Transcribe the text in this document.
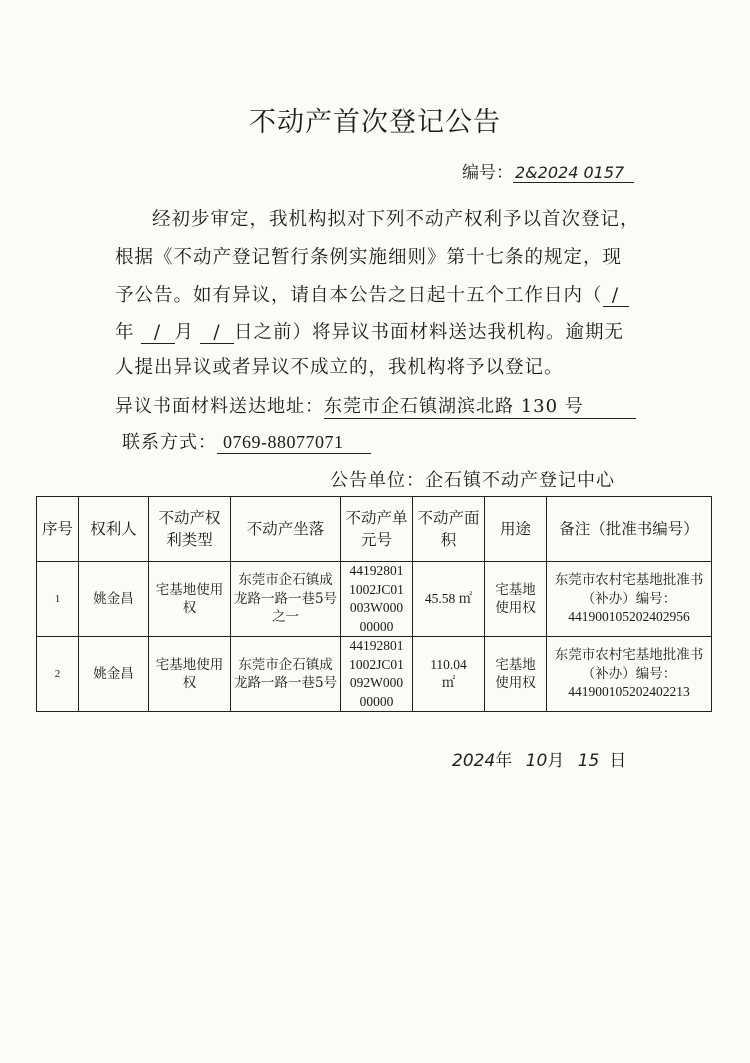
不动产首次登记公告
编号： 2&2024 0157
经初步审定，我机构拟对下列不动产权利予以首次登记，
根据《不动产登记暂行条例实施细则》第十七条的规定，现
予公告。如有异议，请自本公告之日起十五个工作日内（ /
年 / 月 / 日之前）将异议书面材料送达我机构。逾期无
人提出异议或者异议不成立的，我机构将予以登记。
异议书面材料送达地址：东莞市企石镇湖滨北路 130 号
联系方式： 0769-88077071
公告单位：企石镇不动产登记中心
序号	权利人	不动产权利类型	不动产坐落	不动产单元号	不动产面积	用途	备注（批准书编号）
1	姚金昌	宅基地使用权	东莞市企石镇成龙路一路一巷5号之一	441928011002JC01003W00000000	45.58 ㎡	宅基地使用权	东莞市农村宅基地批准书（补办）编号：
441900105202402956

2	姚金昌	宅基地使用权	东莞市企石镇成龙路一路一巷5号	441928011002JC01092W00000000	110.04 ㎡	宅基地使用权	东莞市农村宅基地批准书（补办）编号：
441900105202402213
2024年 10月 15 日
